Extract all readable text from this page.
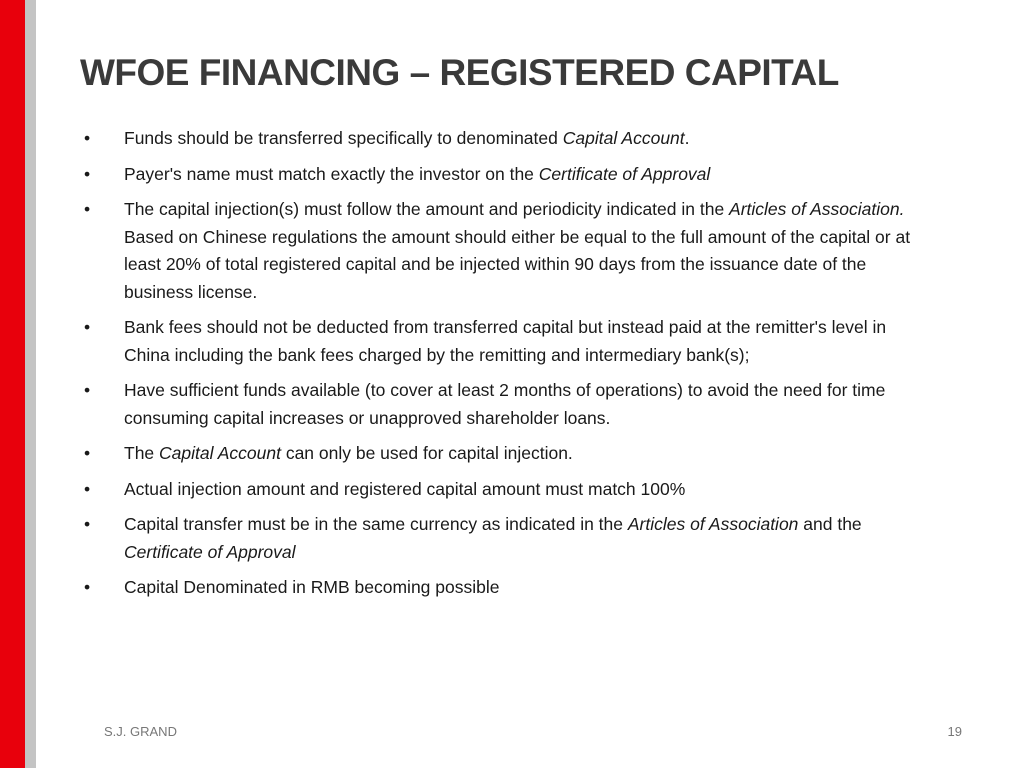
WFOE FINANCING – REGISTERED CAPITAL
Funds should be transferred specifically to denominated Capital Account.
Payer's name must match exactly the investor on the Certificate of Approval
The capital injection(s) must follow the amount and periodicity indicated in the Articles of Association. Based on Chinese regulations the amount should either be equal to the full amount of the capital or at least 20% of total registered capital and be injected within 90 days from the issuance date of the business license.
Bank fees should not be deducted from transferred capital but instead paid at the remitter's level in China including the bank fees charged by the remitting and intermediary bank(s);
Have sufficient funds available (to cover at least 2 months of operations) to avoid the need for time consuming capital increases or unapproved shareholder loans.
The Capital Account can only be used for capital injection.
Actual injection amount and registered capital amount must match 100%
Capital transfer must be in the same currency as indicated in the Articles of Association and the Certificate of Approval
Capital Denominated in RMB becoming possible
S.J. GRAND	19
